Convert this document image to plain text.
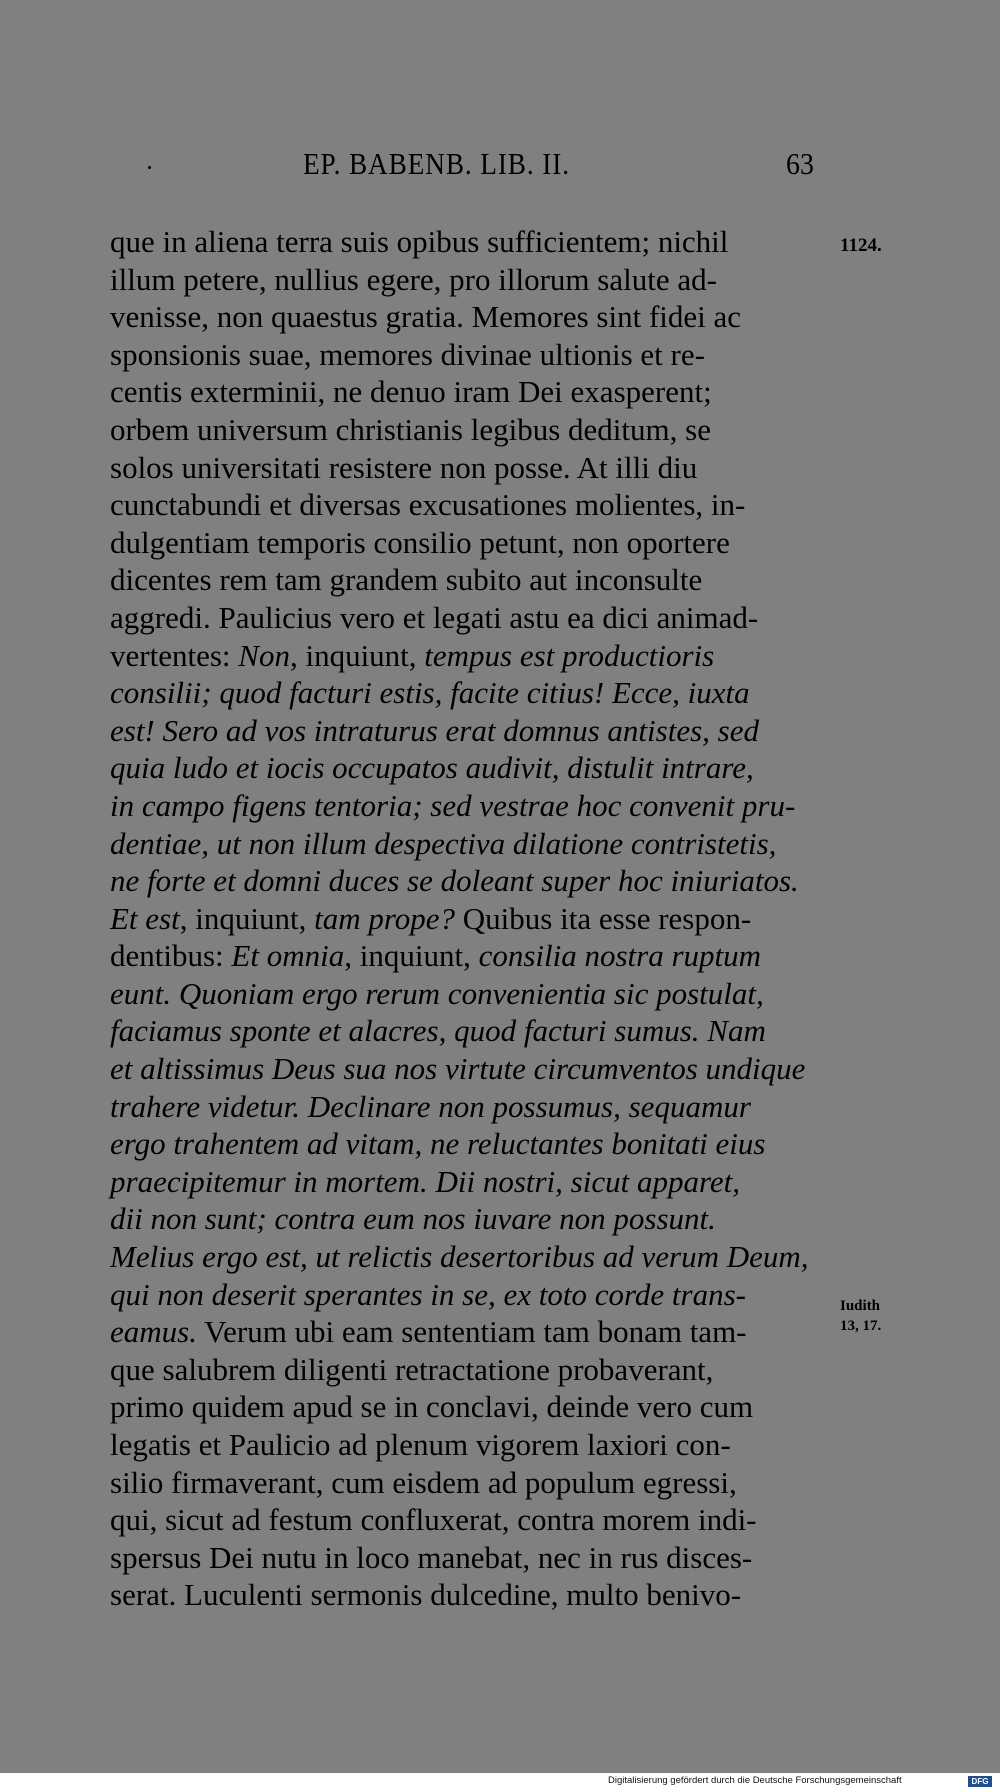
EP. BABENB. LIB. II.	63
que in aliena terra suis opibus sufficientem; nichil
illum petere, nullius egere, pro illorum salute ad-
venisse, non quaestus gratia. Memores sint fidei ac
sponsionis suae, memores divinae ultionis et re-
centis exterminii, ne denuo iram Dei exasperent;
orbem universum christianis legibus deditum, se
solos universitati resistere non posse. At illi diu
cunctabundi et diversas excusationes molientes, in-
dulgentiam temporis consilio petunt, non oportere
dicentes rem tam grandem subito aut inconsulte
aggredi. Paulicius vero et legati astu ea dici animad-
vertentes: Non, inquiunt, tempus est productioris
consilii; quod facturi estis, facite citius! Ecce, iuxta
est! Sero ad vos intraturus erat domnus antistes, sed
quia ludo et iocis occupatos audivit, distulit intrare,
in campo figens tentoria; sed vestrae hoc convenit pru-
dentiae, ut non illum despectiva dilatione contristetis,
ne forte et domni duces se doleant super hoc iniuriatos.
Et est, inquiunt, tam prope? Quibus ita esse respon-
dentibus: Et omnia, inquiunt, consilia nostra ruptum
eunt. Quoniam ergo rerum convenientia sic postulat,
faciamus sponte et alacres, quod facturi sumus. Nam
et altissimus Deus sua nos virtute circumventos undique
trahere videtur. Declinare non possumus, sequamur
ergo trahentem ad vitam, ne reluctantes bonitati eius
praecipitemur in mortem. Dii nostri, sicut apparet,
dii non sunt; contra eum nos iuvare non possunt.
Melius ergo est, ut relictis desertoribus ad verum Deum,
qui non deserit sperantes in se, ex toto corde trans-
eamus. Verum ubi eam sententiam tam bonam tam-
que salubrem diligenti retractatione probaverant,
primo quidem apud se in conclavi, deinde vero cum
legatis et Paulicio ad plenum vigorem laxiori con-
silio firmaverant, cum eisdem ad populum egressi,
qui, sicut ad festum confluxerat, contra morem indi-
spersus Dei nutu in loco manebat, nec in rus disces-
serat. Luculenti sermonis dulcedine, multo benivo-
1124.
Iudith
13, 17.
Digitalisierung gefördert durch die Deutsche Forschungsgemeinschaft	DFG
